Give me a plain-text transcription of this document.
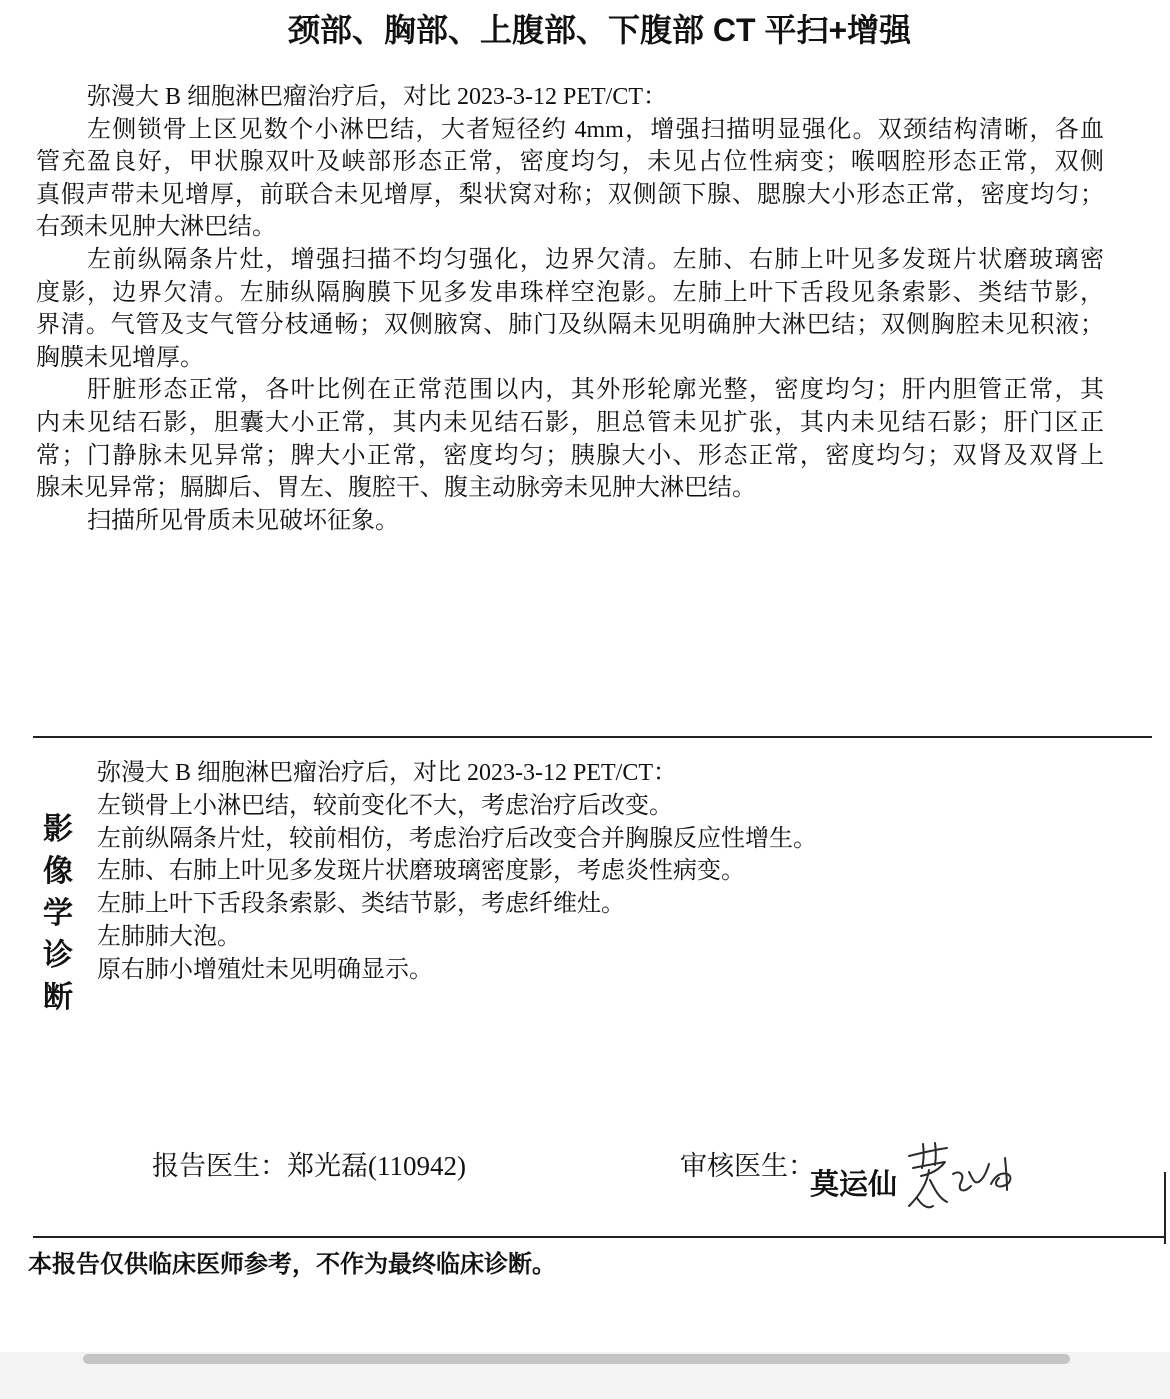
颈部、胸部、上腹部、下腹部 CT 平扫+增强
弥漫大 B 细胞淋巴瘤治疗后，对比 2023-3-12 PET/CT：
左侧锁骨上区见数个小淋巴结，大者短径约 4mm，增强扫描明显强化。双颈结构清晰，各血
管充盈良好，甲状腺双叶及峡部形态正常，密度均匀，未见占位性病变；喉咽腔形态正常，双侧
真假声带未见增厚，前联合未见增厚，梨状窝对称；双侧颌下腺、腮腺大小形态正常，密度均匀；
右颈未见肿大淋巴结。
左前纵隔条片灶，增强扫描不均匀强化，边界欠清。左肺、右肺上叶见多发斑片状磨玻璃密
度影，边界欠清。左肺纵隔胸膜下见多发串珠样空泡影。左肺上叶下舌段见条索影、类结节影，
界清。气管及支气管分枝通畅；双侧腋窝、肺门及纵隔未见明确肿大淋巴结；双侧胸腔未见积液；
胸膜未见增厚。
肝脏形态正常，各叶比例在正常范围以内，其外形轮廓光整，密度均匀；肝内胆管正常，其
内未见结石影，胆囊大小正常，其内未见结石影，胆总管未见扩张，其内未见结石影；肝门区正
常；门静脉未见异常；脾大小正常，密度均匀；胰腺大小、形态正常，密度均匀；双肾及双肾上
腺未见异常；膈脚后、胃左、腹腔干、腹主动脉旁未见肿大淋巴结。
扫描所见骨质未见破坏征象。
影像学诊断
弥漫大 B 细胞淋巴瘤治疗后，对比 2023-3-12 PET/CT：
左锁骨上小淋巴结，较前变化不大，考虑治疗后改变。
左前纵隔条片灶，较前相仿，考虑治疗后改变合并胸腺反应性增生。
左肺、右肺上叶见多发斑片状磨玻璃密度影，考虑炎性病变。
左肺上叶下舌段条索影、类结节影，考虑纤维灶。
左肺肺大泡。
原右肺小增殖灶未见明确显示。
报告医生：郑光磊(110942)	审核医生：
莫运仙
本报告仅供临床医师参考，不作为最终临床诊断。
